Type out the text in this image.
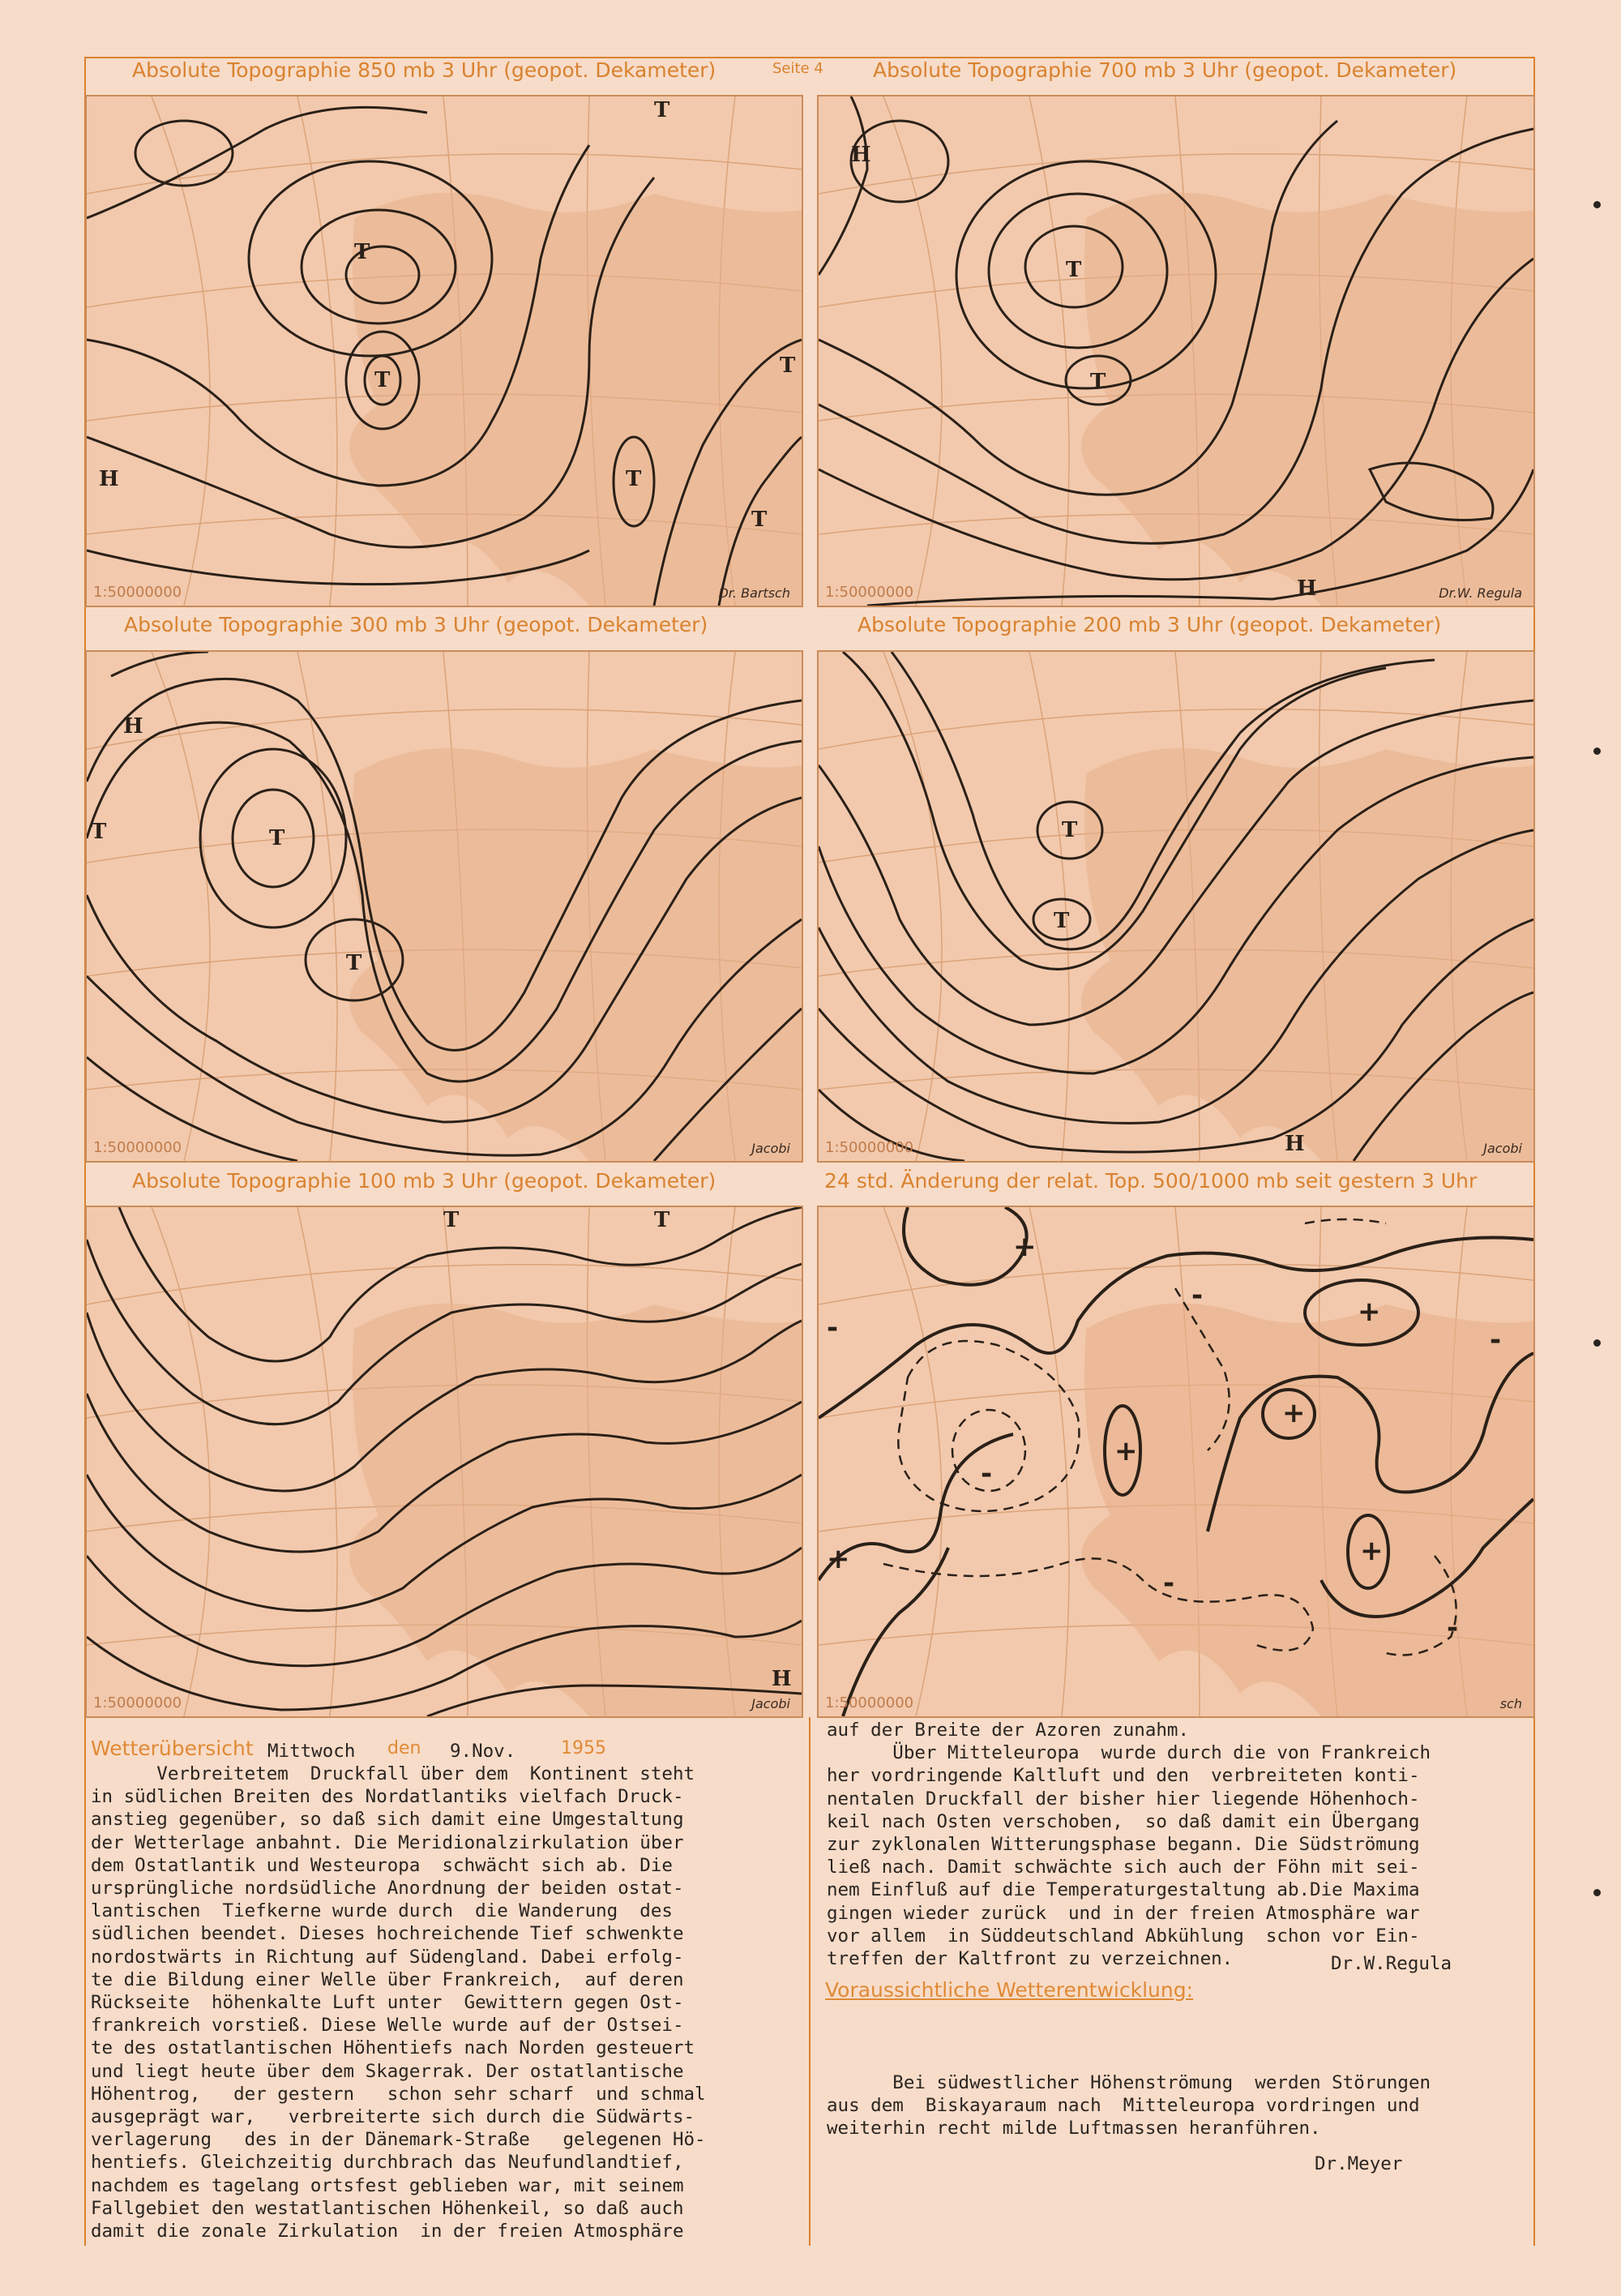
Absolute Topographie 850 mb 3 Uhr (geopot. Dekameter)	Seite 4 Absolute Topographie 700 mb 3 Uhr (geopot. Dekameter)
Absolute Topographie 300 mb 3 Uhr (geopot. Dekameter)	Absolute Topographie 200 mb 3 Uhr (geopot. Dekameter)
Absolute Topographie 100 mb 3 Uhr (geopot. Dekameter)	24 std. Änderung der relat. Top. 500/1000 mb seit gestern 3 Uhr
T
T
T
T
H	T
T
1:50000000	Dr. Bartsch
H
T
T
H
1:50000000	Dr.W. Regula
T
T
H
T
1:50000000	Jacobi
T
T
H
1:50000000	Jacobi
T	T
H
1:50000000	Jacobi
+
+
+
+
+
+
-
-
-
-
-
-
1:50000000	sch
Wetterübersicht Mittwoch den 9.Nov.	1955
Verbreitetem  Druckfall über dem  Kontinent steht
in südlichen Breiten des Nordatlantiks vielfach Druck-
anstieg gegenüber, so daß sich damit eine Umgestaltung
der Wetterlage anbahnt. Die Meridionalzirkulation über
dem Ostatlantik und Westeuropa  schwächt sich ab. Die
ursprüngliche nordsüdliche Anordnung der beiden ostat-
lantischen  Tiefkerne wurde durch  die Wanderung  des
südlichen beendet. Dieses hochreichende Tief schwenkte
nordostwärts in Richtung auf Südengland. Dabei erfolg-
te die Bildung einer Welle über Frankreich,  auf deren
Rückseite  höhenkalte Luft unter  Gewittern gegen Ost-
frankreich vorstieß. Diese Welle wurde auf der Ostsei-
te des ostatlantischen Höhentiefs nach Norden gesteuert
und liegt heute über dem Skagerrak. Der ostatlantische
Höhentrog,   der gestern   schon sehr scharf  und schmal
ausgeprägt war,   verbreiterte sich durch die Südwärts-
verlagerung   des in der Dänemark-Straße   gelegenen Hö-
hentiefs. Gleichzeitig durchbrach das Neufundlandtief,
nachdem es tagelang ortsfest geblieben war, mit seinem
Fallgebiet den westatlantischen Höhenkeil, so daß auch
damit die zonale Zirkulation  in der freien Atmosphäre
auf der Breite der Azoren zunahm.
Über Mitteleuropa  wurde durch die von Frankreich
her vordringende Kaltluft und den  verbreiteten konti-
nentalen Druckfall der bisher hier liegende Höhenhoch-
keil nach Osten verschoben,  so daß damit ein Übergang
zur zyklonalen Witterungsphase begann. Die Südströmung
ließ nach. Damit schwächte sich auch der Föhn mit sei-
nem Einfluß auf die Temperaturgestaltung ab.Die Maxima
gingen wieder zurück  und in der freien Atmosphäre war
vor allem  in Süddeutschland Abkühlung  schon vor Ein-
treffen der Kaltfront zu verzeichnen.	Dr.W.Regula
Voraussichtliche Wetterentwicklung:
Bei südwestlicher Höhenströmung  werden Störungen
aus dem  Biskayaraum nach  Mitteleuropa vordringen und
weiterhin recht milde Luftmassen heranführen.
Dr.Meyer
